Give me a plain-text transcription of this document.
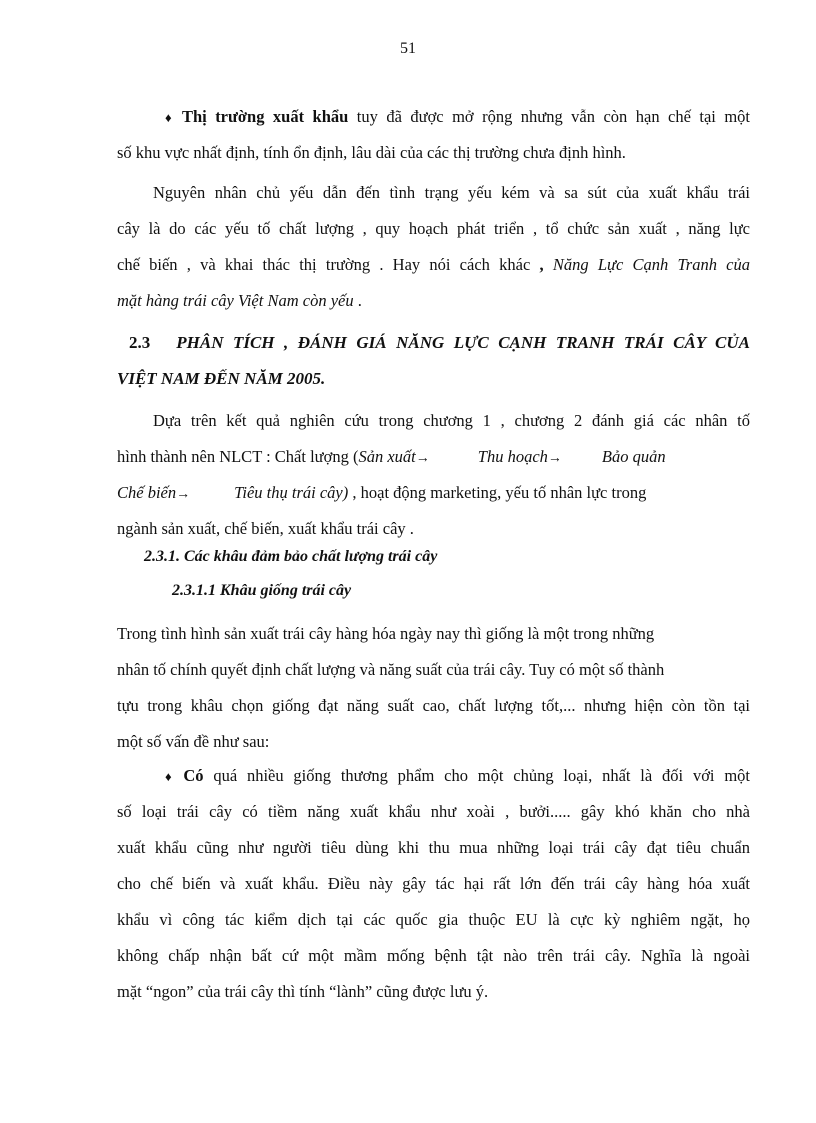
51
♦ Thị trường xuất khẩu tuy đã được mở rộng nhưng vẫn còn hạn chế tại một
số khu vực nhất định, tính ổn định, lâu dài của các thị trường chưa định hình.
Nguyên nhân chủ yếu dẫn đến tình trạng yếu kém và sa sút của xuất khẩu trái
cây là do các yếu tố chất lượng , quy hoạch phát triển , tổ chức sản xuất , năng lực
chế biến , và khai thác thị trường . Hay nói cách khác , Năng Lực Cạnh Tranh của
mặt hàng trái cây Việt Nam còn yếu .
2.3 PHÂN TÍCH , ĐÁNH GIÁ NĂNG LỰC CẠNH TRANH TRÁI CÂY CỦA
VIỆT NAM ĐẾN NĂM 2005.
Dựa trên kết quả nghiên cứu trong chương 1 , chương 2 đánh giá các nhân tố
hình thành nên NLCT : Chất lượng (Sản xuất→	Thu hoạch→ Bảo quản
Chế biến→	Tiêu thụ trái cây) , hoạt động marketing, yếu tố nhân lực trong
ngành sản xuất, chế biến, xuất khẩu trái cây .
2.3.1. Các khâu đảm bảo chất lượng trái cây
2.3.1.1 Khâu giống trái cây
Trong tình hình sản xuất trái cây hàng hóa ngày nay thì giống là một trong những
nhân tố chính quyết định chất lượng và năng suất của trái cây. Tuy có một số thành
tựu trong khâu chọn giống đạt năng suất cao, chất lượng tốt,... nhưng hiện còn tồn tại
một số vấn đề như sau:
♦ Có quá nhiều giống thương phẩm cho một chủng loại, nhất là đối với một
số loại trái cây có tiềm năng xuất khẩu như xoài , bưởi..... gây khó khăn cho nhà
xuất khẩu cũng như người tiêu dùng khi thu mua những loại trái cây đạt tiêu chuẩn
cho chế biến và xuất khẩu. Điều này gây tác hại rất lớn đến trái cây hàng hóa xuất
khẩu vì công tác kiểm dịch tại các quốc gia thuộc EU là cực kỳ nghiêm ngặt, họ
không chấp nhận bất cứ một mầm mống bệnh tật nào trên trái cây. Nghĩa là ngoài
mặt “ngon” của trái cây thì tính “lành” cũng được lưu ý.
